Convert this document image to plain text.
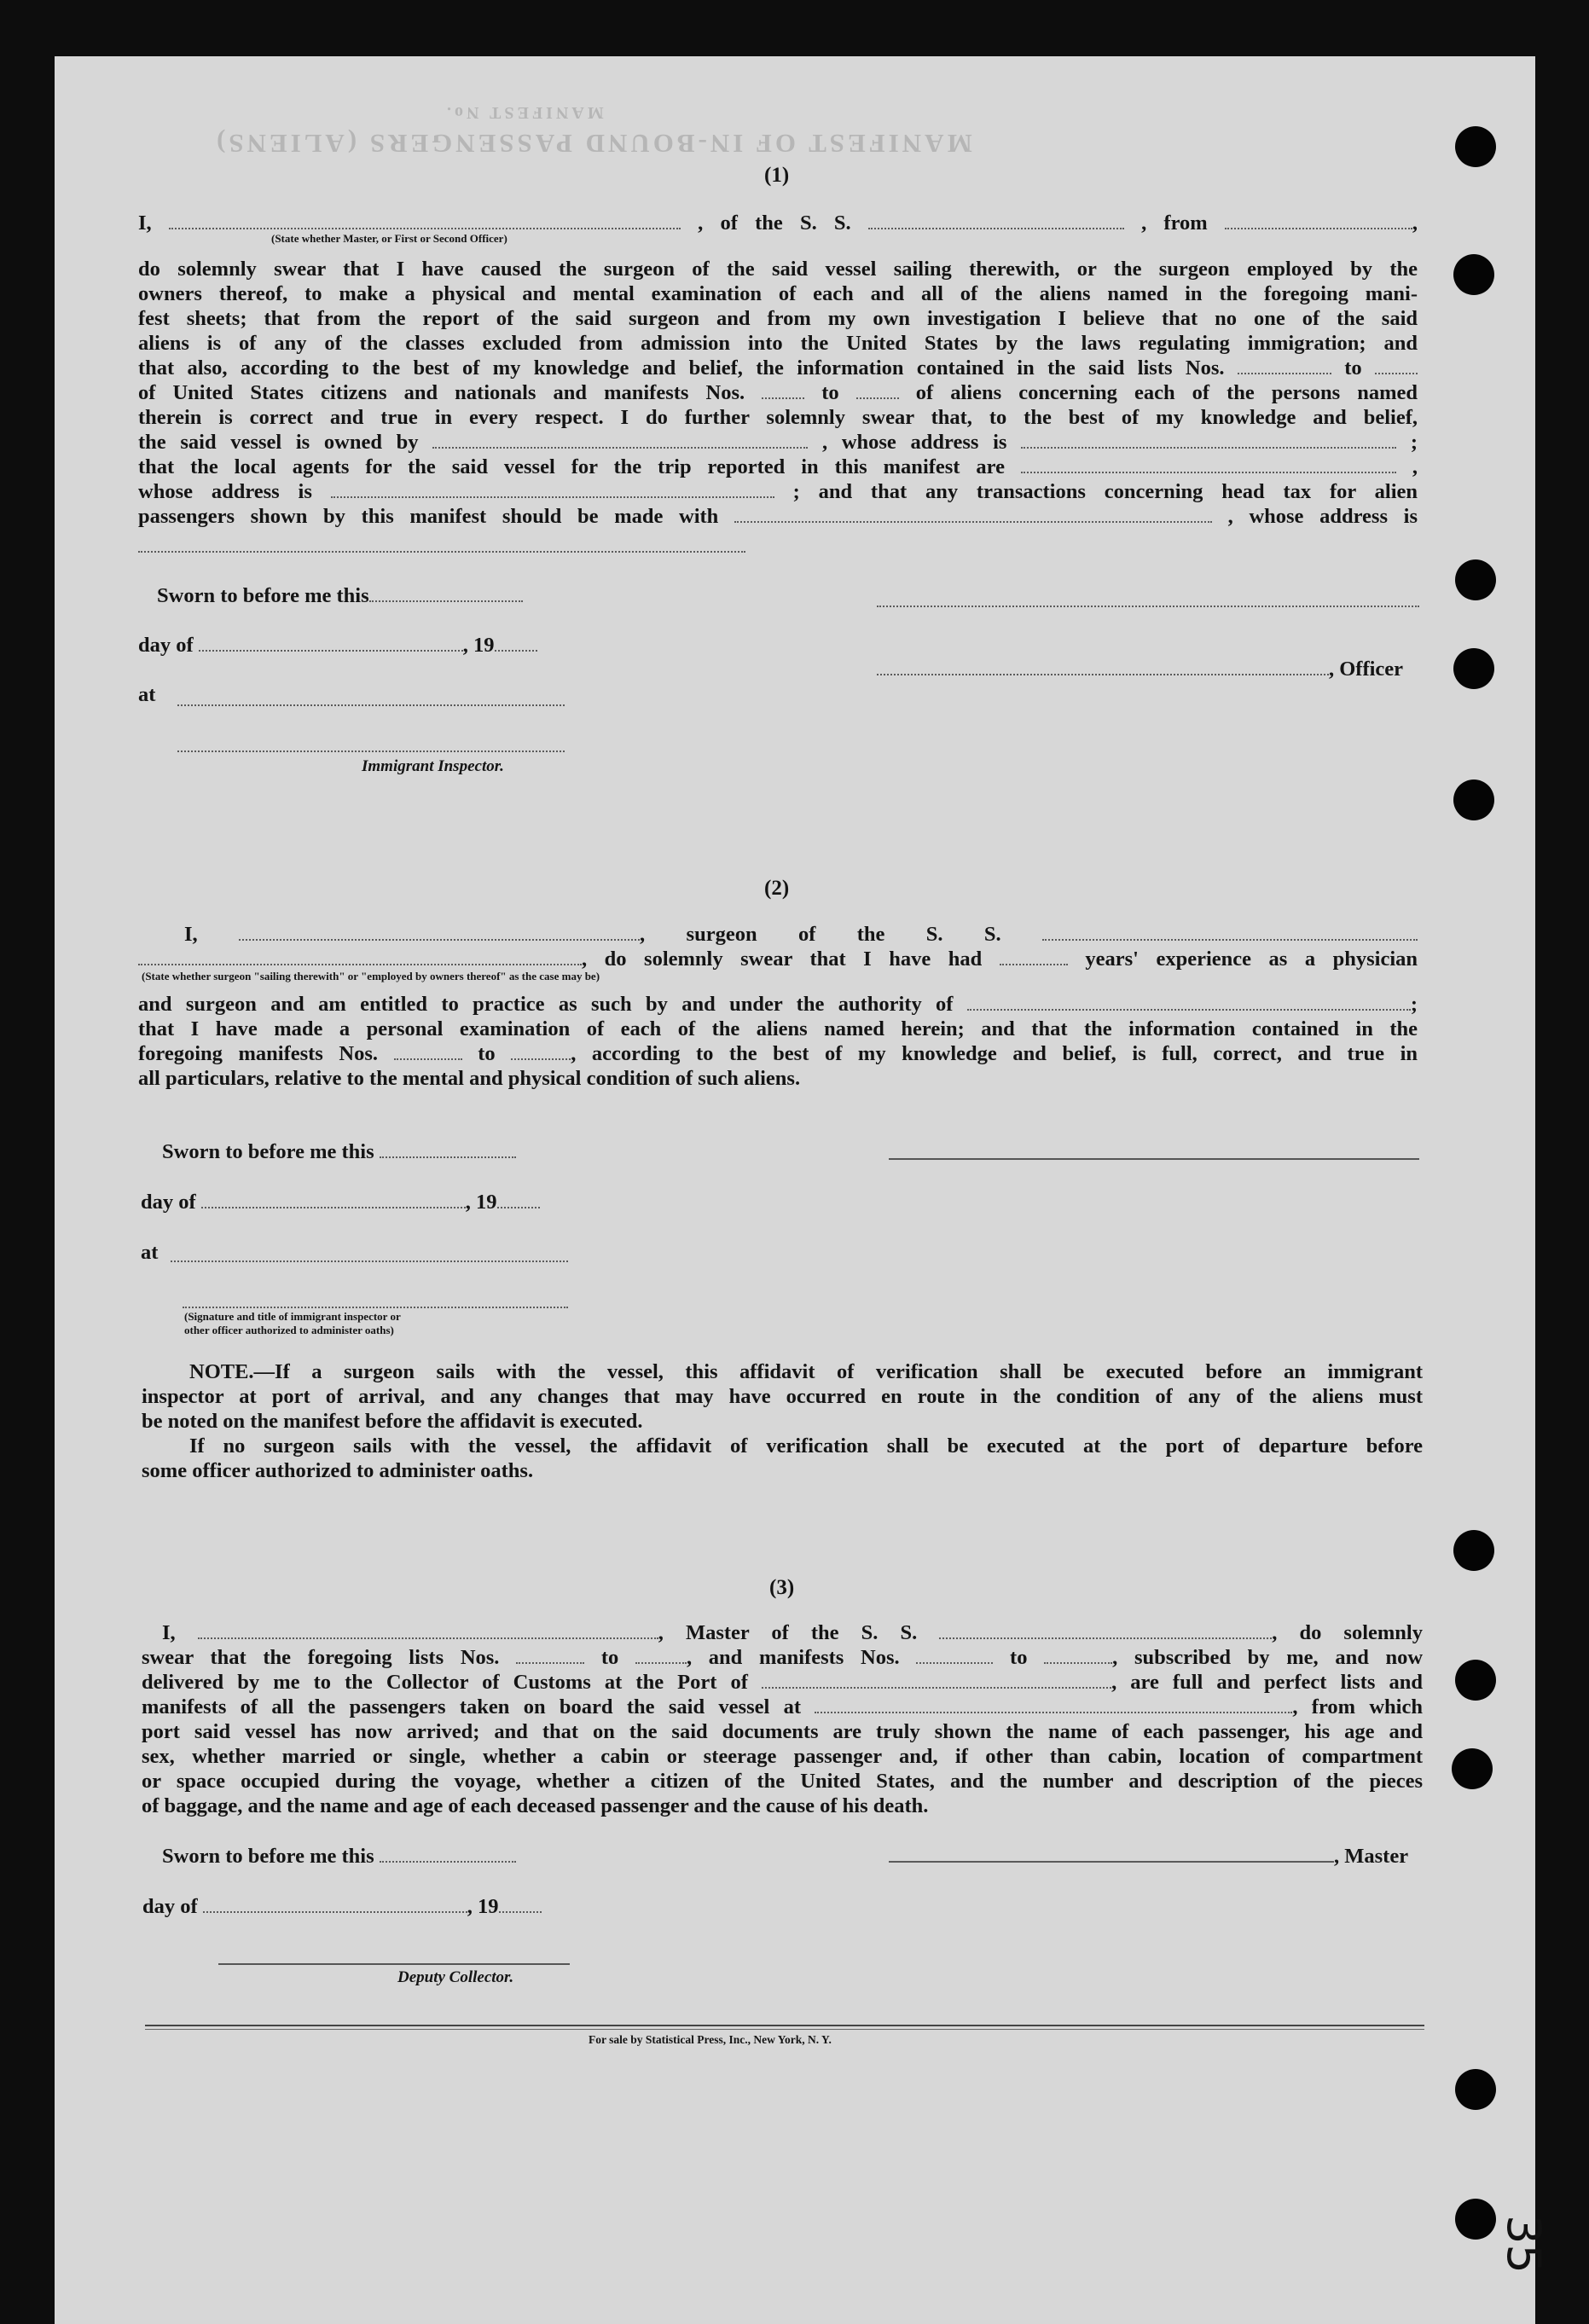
MANIFEST OF IN-BOUND PASSENGERS (ALIENS)
MANIFEST No.
(1)
I,	, of the S. S.	, from	,
(State whether Master, or First or Second Officer)
do solemnly swear that I have caused the surgeon of the said vessel sailing therewith, or the surgeon employed by the
owners thereof, to make a physical and mental examination of each and all of the aliens named in the foregoing mani-
fest sheets; that from the report of the said surgeon and from my own investigation I believe that no one of the said
aliens is of any of the classes excluded from admission into the United States by the laws regulating immigration; and
that also, according to the best of my knowledge and belief, the information contained in the said lists Nos.	to
of United States citizens and nationals and manifests Nos.	to	of aliens concerning each of the persons named
therein is correct and true in every respect. I do further solemnly swear that, to the best of my knowledge and belief,
the said vessel is owned by	, whose address is	;
that the local agents for the said vessel for the trip reported in this manifest are	,
whose address is	; and that any transactions concerning head tax for alien
passengers shown by this manifest should be made with	, whose address is
Sworn to before me this
day of	, 19
, Officer
at
Immigrant Inspector.
(2)
I,	, surgeon of the S. S.
, do solemnly swear that I have had	years' experience as a physician
(State whether surgeon "sailing therewith" or "employed by owners thereof" as the case may be)
and surgeon and am entitled to practice as such by and under the authority of	;
that I have made a personal examination of each of the aliens named herein; and that the information contained in the
foregoing manifests Nos.	to	, according to the best of my knowledge and belief, is full, correct, and true in
all particulars, relative to the mental and physical condition of such aliens.
Sworn to before me this
day of	, 19
at
(Signature and title of immigrant inspector or
other officer authorized to administer oaths)
NOTE.—If a surgeon sails with the vessel, this affidavit of verification shall be executed before an immigrant
inspector at port of arrival, and any changes that may have occurred en route in the condition of any of the aliens must
be noted on the manifest before the affidavit is executed.
If no surgeon sails with the vessel, the affidavit of verification shall be executed at the port of departure before
some officer authorized to administer oaths.
(3)
I,	, Master of the S. S.	, do solemnly
swear that the foregoing lists Nos.	to	, and manifests Nos.	to	, subscribed by me, and now
delivered by me to the Collector of Customs at the Port of	, are full and perfect lists and
manifests of all the passengers taken on board the said vessel at	, from which
port said vessel has now arrived; and that on the said documents are truly shown the name of each passenger, his age and
sex, whether married or single, whether a cabin or steerage passenger and, if other than cabin, location of compartment
or space occupied during the voyage, whether a citizen of the United States, and the number and description of the pieces
of baggage, and the name and age of each deceased passenger and the cause of his death.
Sworn to before me this	, Master
day of	, 19
Deputy Collector.
For sale by Statistical Press, Inc., New York, N. Y.
35
